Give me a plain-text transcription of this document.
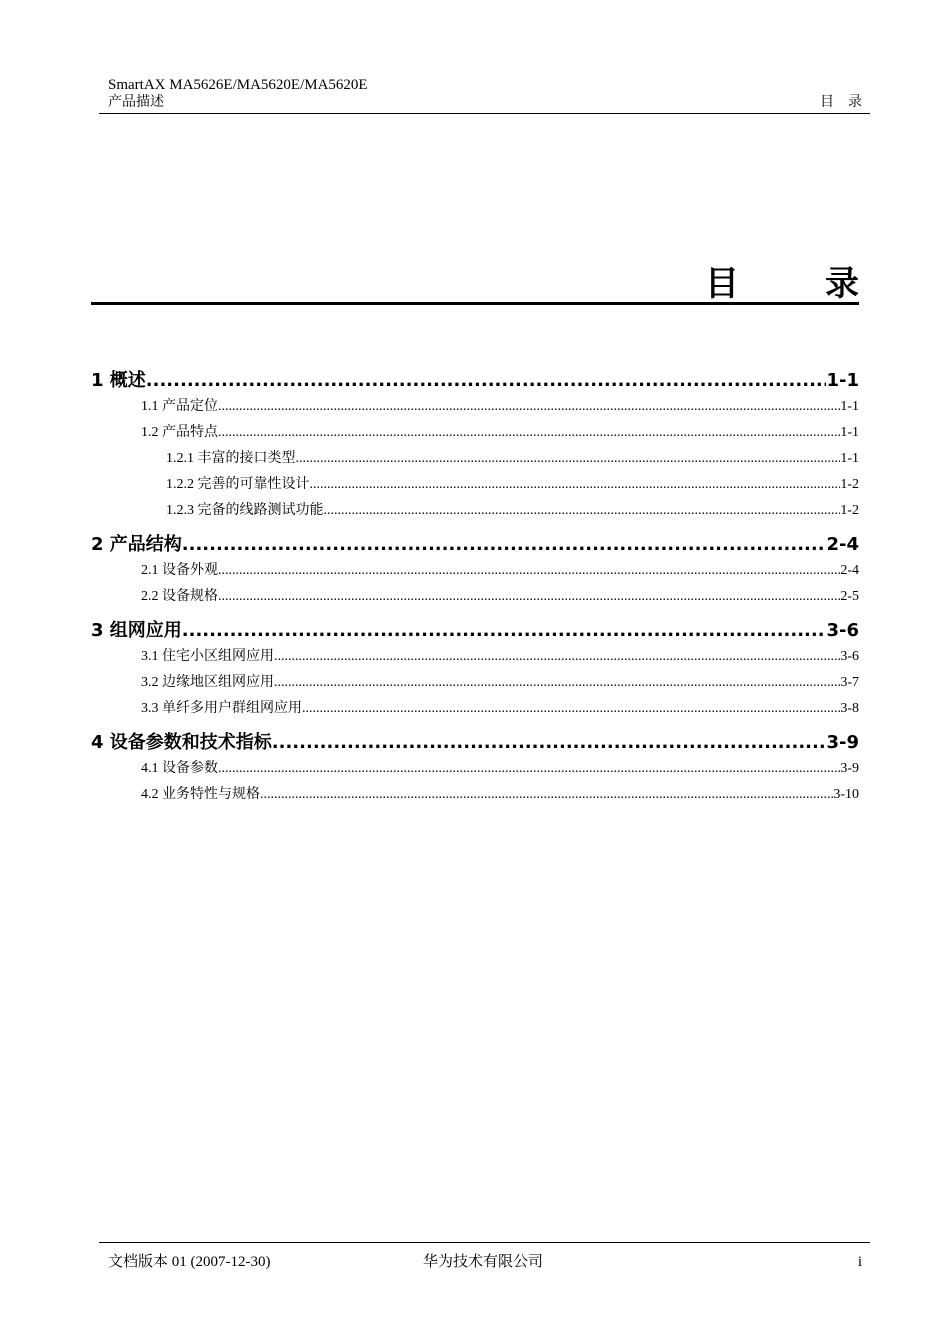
SmartAX MA5626E/MA5620E/MA5620E
产品描述	目　录
目　录
1 概述 .....	1-1
1.1 产品定位 .....	1-1
1.2 产品特点 .....	1-1
1.2.1 丰富的接口类型 .....	1-1
1.2.2 完善的可靠性设计 .....	1-2
1.2.3 完备的线路测试功能 .....	1-2
2 产品结构 .....	2-4
2.1 设备外观 .....	2-4
2.2 设备规格 .....	2-5
3 组网应用 .....	3-6
3.1 住宅小区组网应用 .....	3-6
3.2 边缘地区组网应用 .....	3-7
3.3 单纤多用户群组网应用 .....	3-8
4 设备参数和技术指标 .....	3-9
4.1 设备参数 .....	3-9
4.2 业务特性与规格 .....	3-10
文档版本 01 (2007-12-30)	华为技术有限公司	i
